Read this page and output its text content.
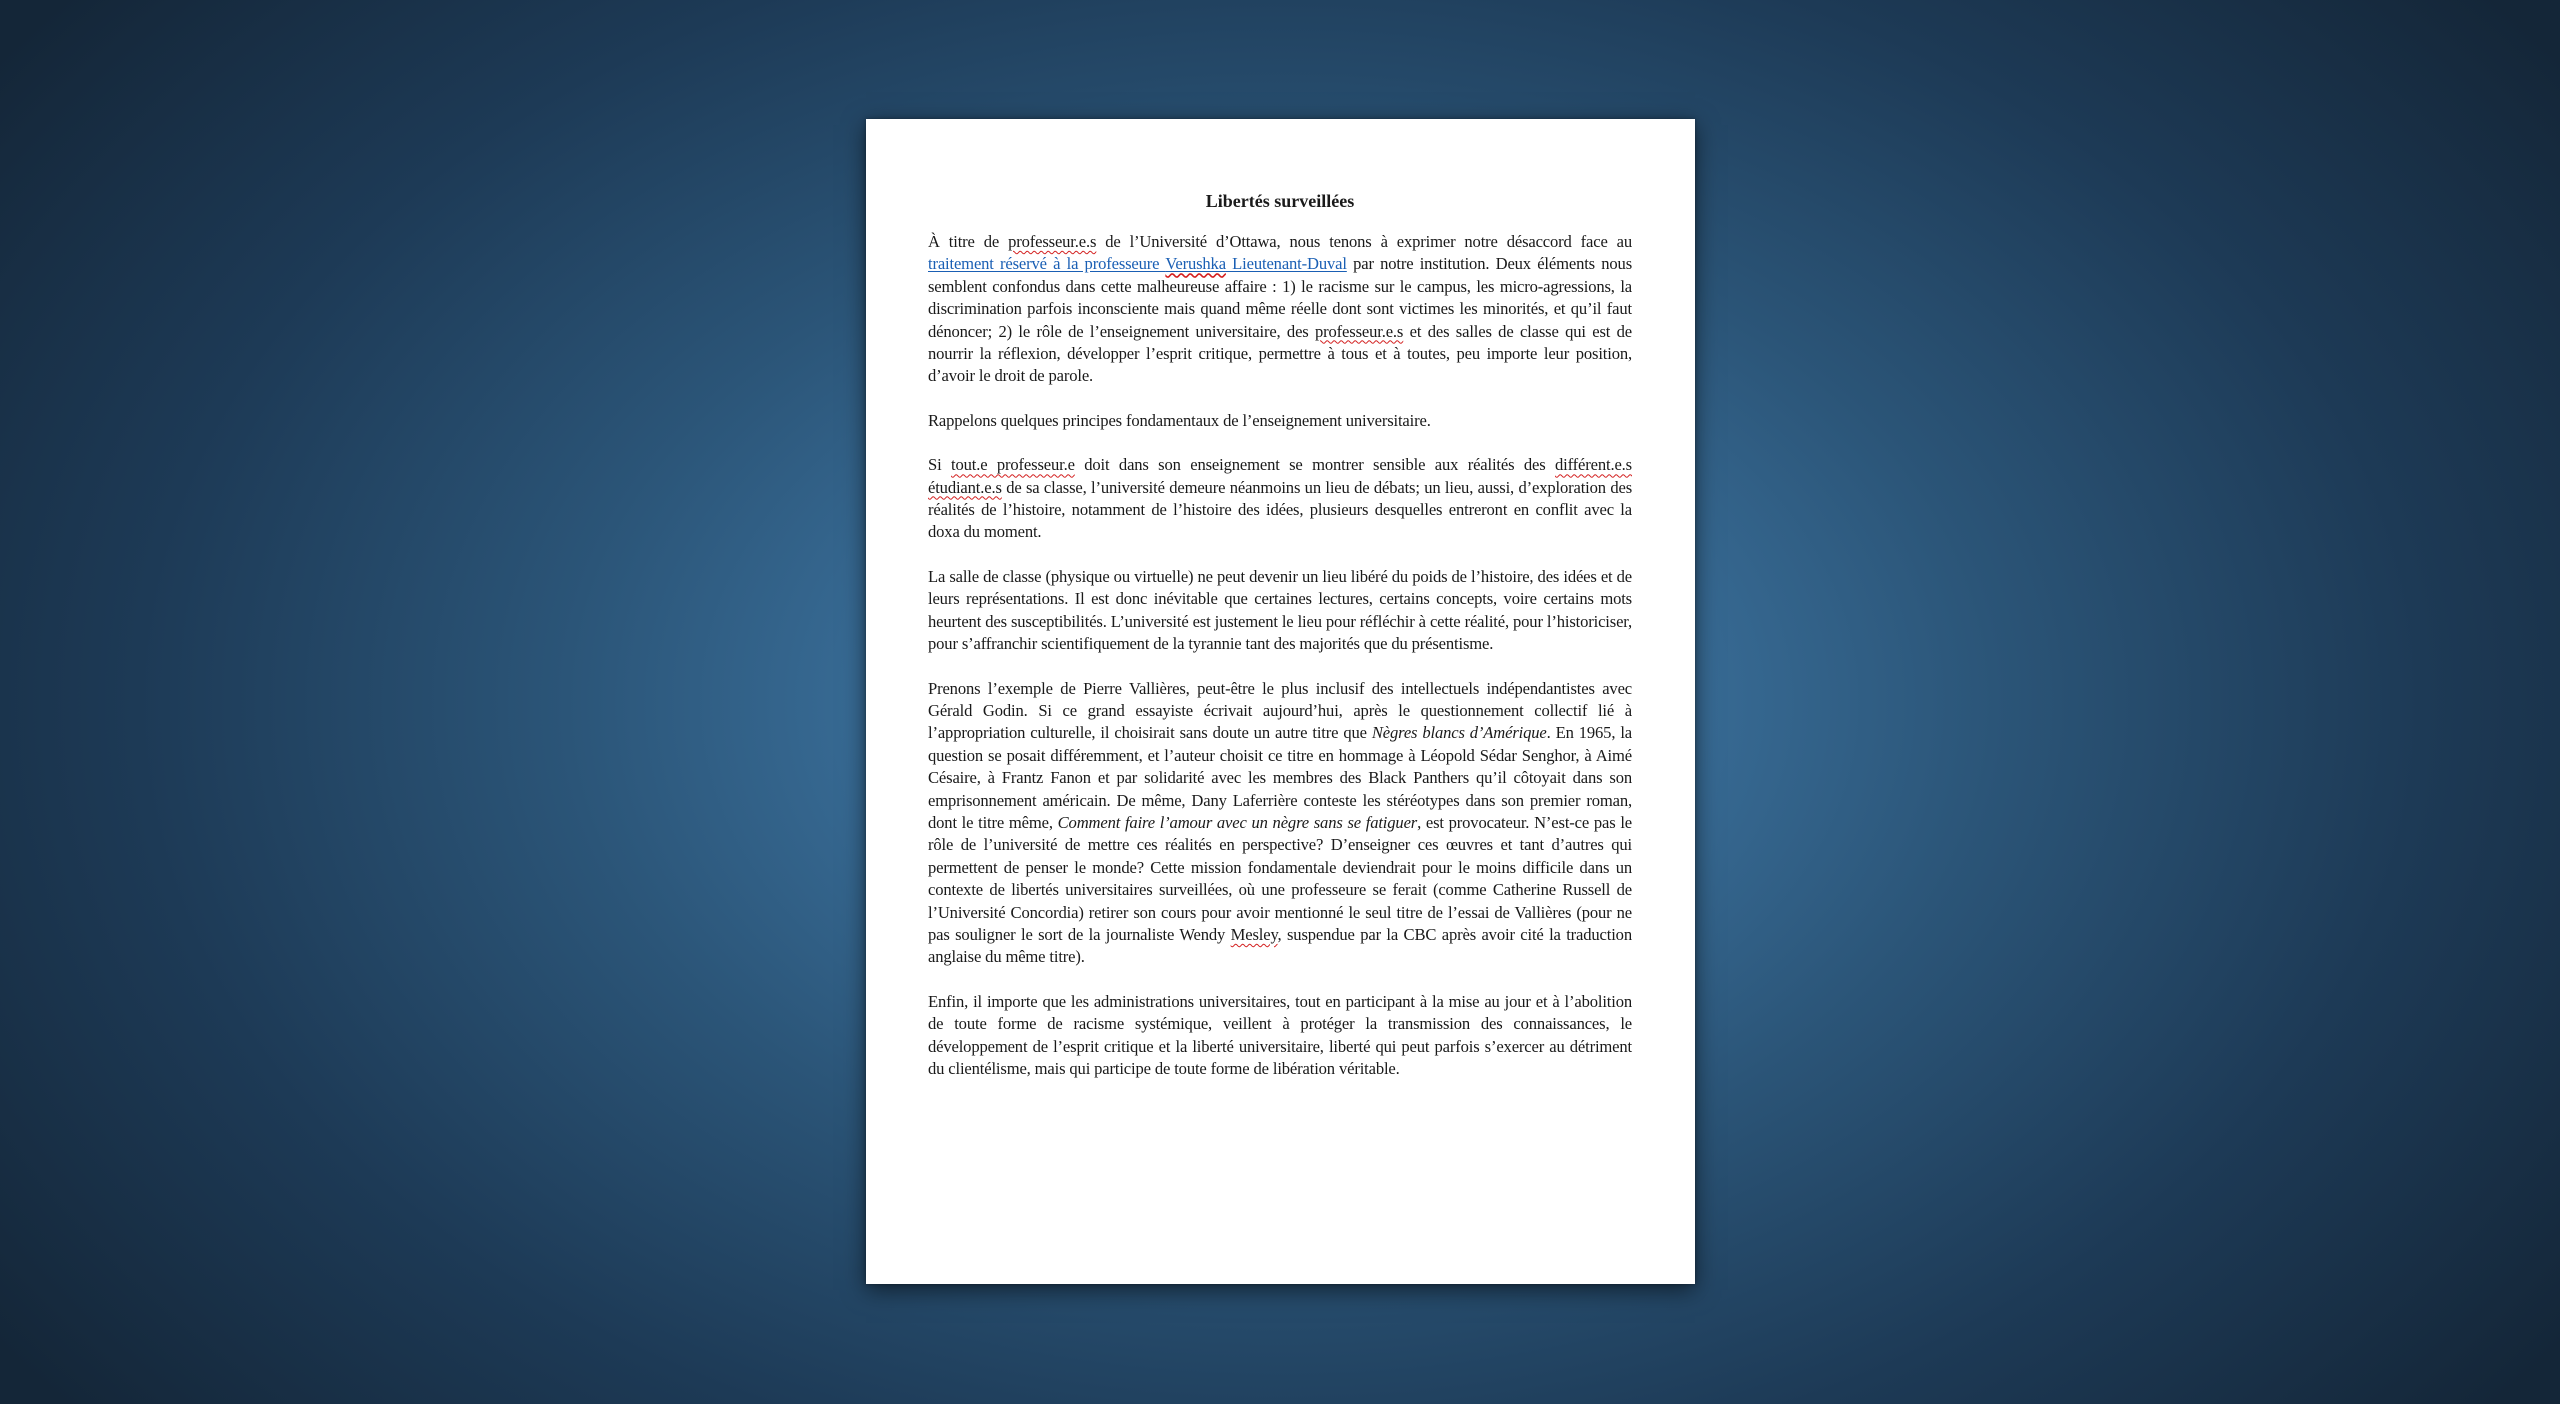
Libertés surveillées

À titre de professeur.e.s de l’Université d’Ottawa, nous tenons à exprimer notre désaccord face au traitement réservé à la professeure Verushka Lieutenant-Duval par notre institution. Deux éléments nous semblent confondus dans cette malheureuse affaire : 1) le racisme sur le campus, les micro-agressions, la discrimination parfois inconsciente mais quand même réelle dont sont victimes les minorités, et qu’il faut dénoncer; 2) le rôle de l’enseignement universitaire, des professeur.e.s et des salles de classe qui est de nourrir la réflexion, développer l’esprit critique, permettre à tous et à toutes, peu importe leur position, d’avoir le droit de parole.

Rappelons quelques principes fondamentaux de l’enseignement universitaire.

Si tout.e professeur.e doit dans son enseignement se montrer sensible aux réalités des différent.e.s étudiant.e.s de sa classe, l’université demeure néanmoins un lieu de débats; un lieu, aussi, d’exploration des réalités de l’histoire, notamment de l’histoire des idées, plusieurs desquelles entreront en conflit avec la doxa du moment.

La salle de classe (physique ou virtuelle) ne peut devenir un lieu libéré du poids de l’histoire, des idées et de leurs représentations. Il est donc inévitable que certaines lectures, certains concepts, voire certains mots heurtent des susceptibilités. L’université est justement le lieu pour réfléchir à cette réalité, pour l’historiciser, pour s’affranchir scientifiquement de la tyrannie tant des majorités que du présentisme.

Prenons l’exemple de Pierre Vallières, peut-être le plus inclusif des intellectuels indépendantistes avec Gérald Godin. Si ce grand essayiste écrivait aujourd’hui, après le questionnement collectif lié à l’appropriation culturelle, il choisirait sans doute un autre titre que Nègres blancs d’Amérique. En 1965, la question se posait différemment, et l’auteur choisit ce titre en hommage à Léopold Sédar Senghor, à Aimé Césaire, à Frantz Fanon et par solidarité avec les membres des Black Panthers qu’il côtoyait dans son emprisonnement américain. De même, Dany Laferrière conteste les stéréotypes dans son premier roman, dont le titre même, Comment faire l’amour avec un nègre sans se fatiguer, est provocateur. N’est-ce pas le rôle de l’université de mettre ces réalités en perspective? D’enseigner ces œuvres et tant d’autres qui permettent de penser le monde? Cette mission fondamentale deviendrait pour le moins difficile dans un contexte de libertés universitaires surveillées, où une professeure se ferait (comme Catherine Russell de l’Université Concordia) retirer son cours pour avoir mentionné le seul titre de l’essai de Vallières (pour ne pas souligner le sort de la journaliste Wendy Mesley, suspendue par la CBC après avoir cité la traduction anglaise du même titre).

Enfin, il importe que les administrations universitaires, tout en participant à la mise au jour et à l’abolition de toute forme de racisme systémique, veillent à protéger la transmission des connaissances, le développement de l’esprit critique et la liberté universitaire, liberté qui peut parfois s’exercer au détriment du clientélisme, mais qui participe de toute forme de libération véritable.
